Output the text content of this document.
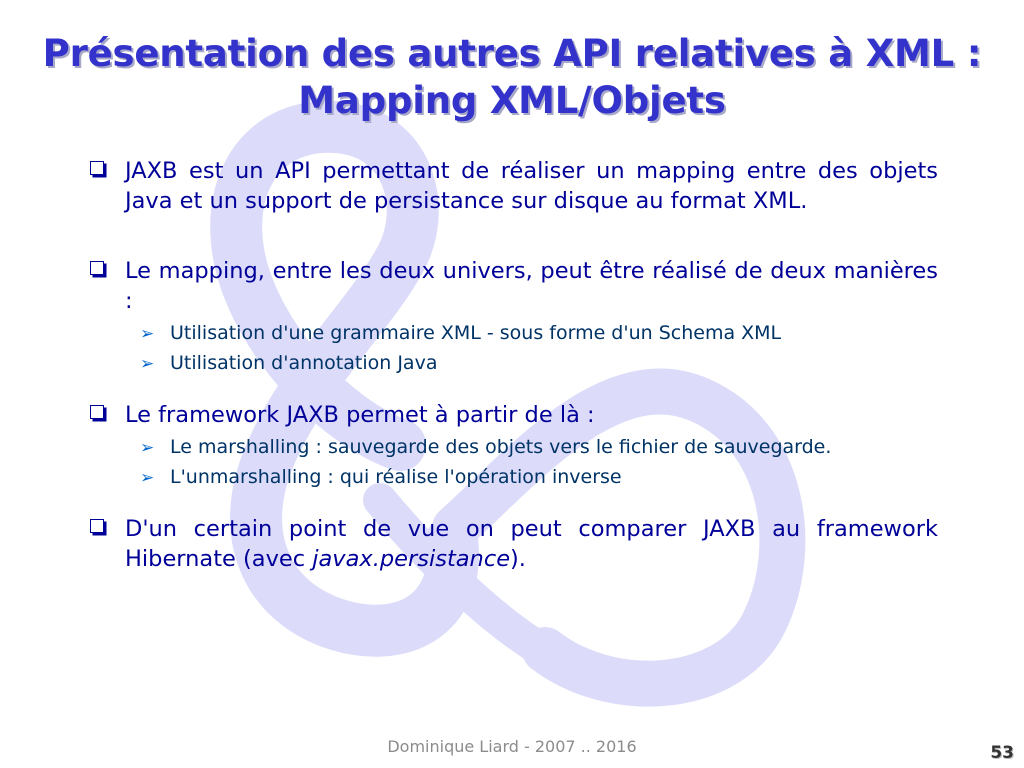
Présentation des autres API relatives à XML :
Mapping XML/Objets
JAXB est un API permettant de réaliser un mapping entre des objets Java et un support de persistance sur disque au format XML.
Le mapping, entre les deux univers, peut être réalisé de deux manières :
➢ Utilisation d'une grammaire XML - sous forme d'un Schema XML
➢ Utilisation d'annotation Java
Le framework JAXB permet à partir de là :
➢ Le marshalling : sauvegarde des objets vers le fichier de sauvegarde.
➢ L'unmarshalling : qui réalise l'opération inverse
D'un certain point de vue on peut comparer JAXB au framework Hibernate (avec javax.persistance).
Dominique Liard - 2007 .. 2016	53
